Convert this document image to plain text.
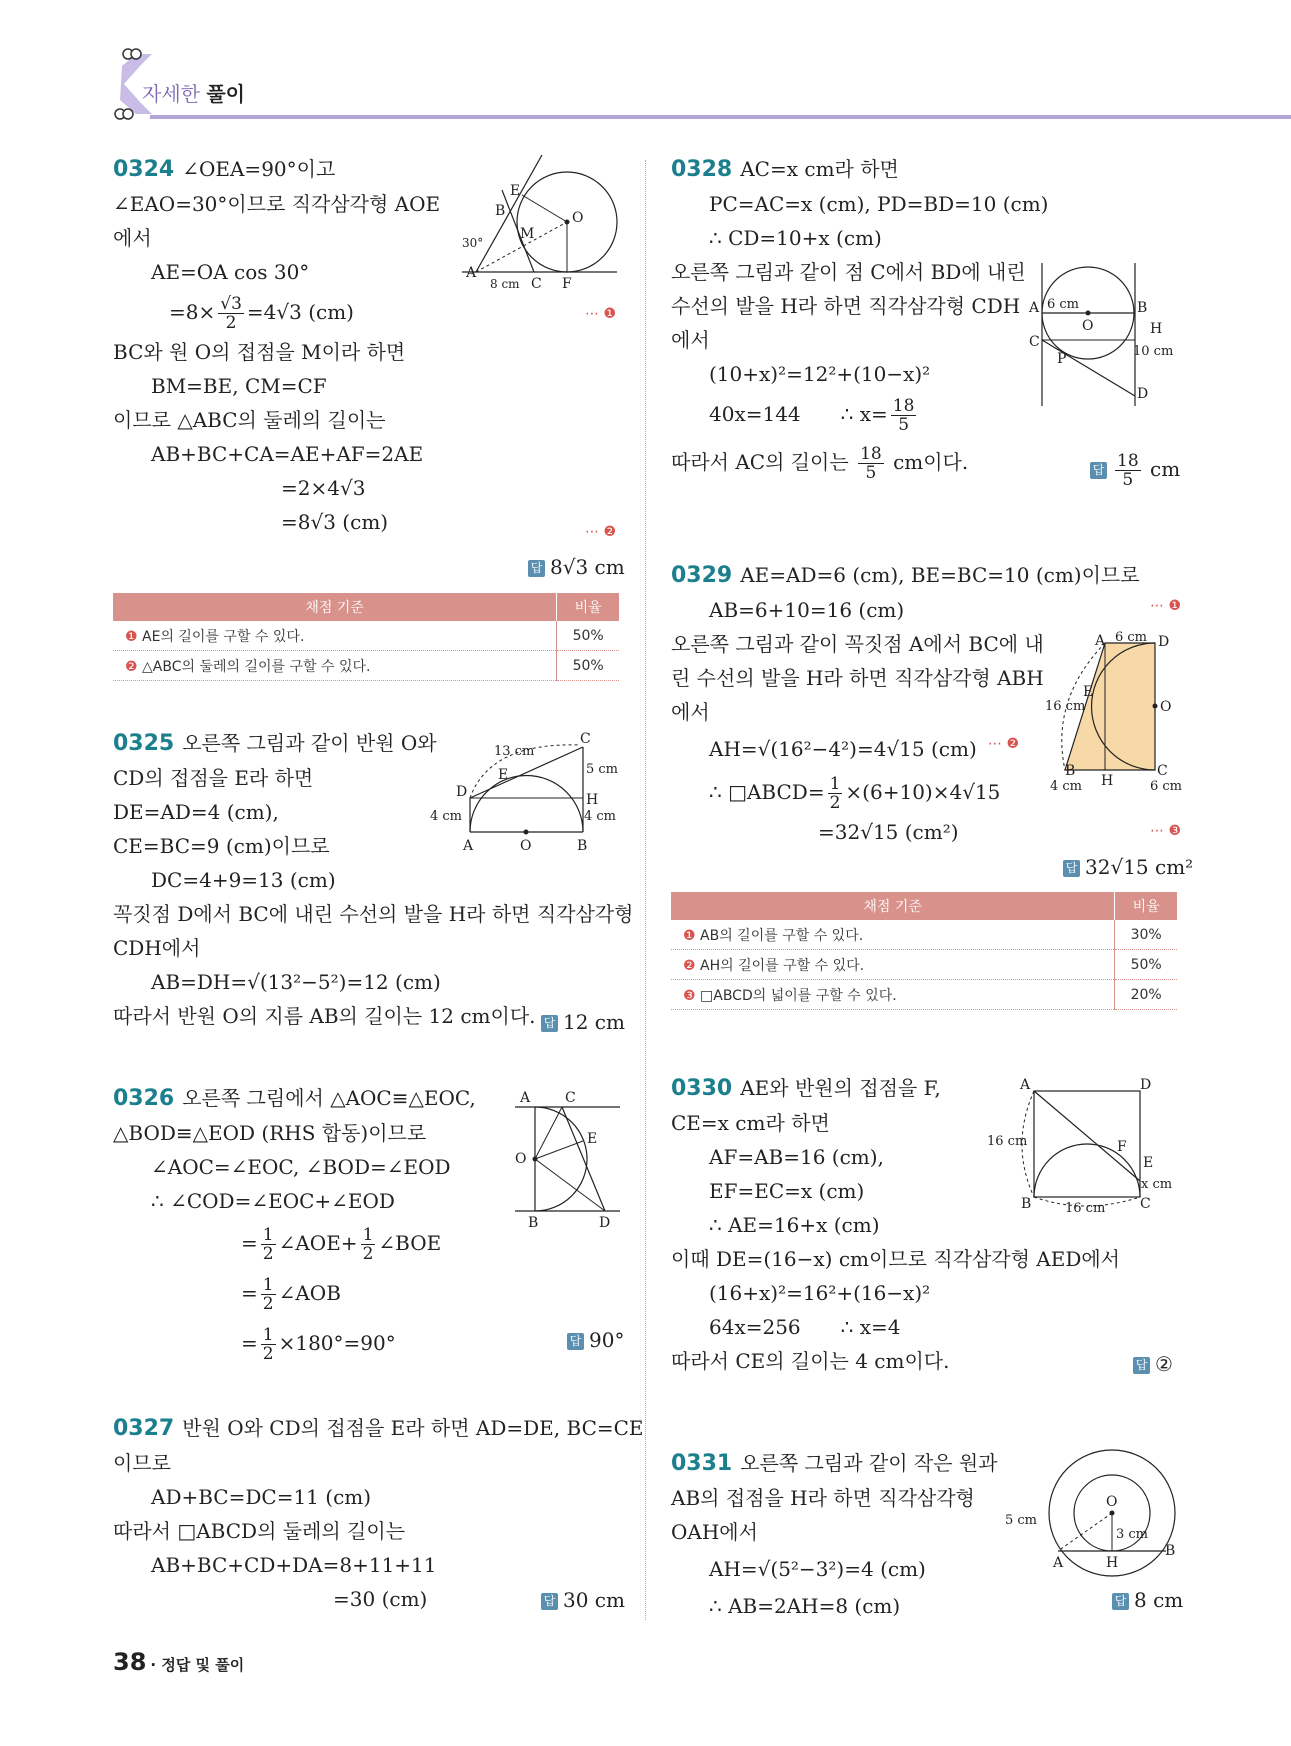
자세한 풀이
0324 ∠OEA=90°이고
∠EAO=30°이므로 직각삼각형 AOE
에서
AE=OA cos 30°
$=8\times \frac{√3}{2} =4√3$ (cm)
BC와 원 O의 접점을 M이라 하면
BM=BE, CM=CF
이므로 △ABC의 둘레의 길이는
AB+BC+CA=AE+AF=2AE
=2×4√3
=8√3 (cm)
⋯ ❶
⋯ ❷
답 8√3 cm
E
B
M
O
A
C F
30°
8 cm
채점 기준	비율
❶ AE의 길이를 구할 수 있다.	50%
❷ △ABC의 둘레의 길이를 구할 수 있다.	50%
0325 오른쪽 그림과 같이 반원 O와
CD의 접점을 E라 하면
DE=AD=4 (cm),
CE=BC=9 (cm)이므로
DC=4+9=13 (cm)
꼭짓점 D에서 BC에 내린 수선의 발을 H라 하면 직각삼각형
CDH에서
AB=DH=√(13²−5²)=12 (cm)
따라서 반원 O의 지름 AB의 길이는 12 cm이다. 답 12 cm
13 cm
C
E
D
5 cm
H
4 cm	4 cm
A	O	B
0326 오른쪽 그림에서 △AOC≡△EOC,
△BOD≡△EOD (RHS 합동)이므로
∠AOC=∠EOC, ∠BOD=∠EOD
∴ ∠COD=∠EOC+∠EOD
= $\frac{1}{2}$ ∠AOE+ $\frac{1}{2}$ ∠BOE
= $\frac{1}{2}$ ∠AOB
= $\frac{1}{2} \times 180^\circ=90^\circ$	답 90°
A C
E
O
B	D
0327 반원 O와 CD의 접점을 E라 하면 AD=DE, BC=CE
이므로
AD+BC=DC=11 (cm)
따라서 □ABCD의 둘레의 길이는
AB+BC+CD+DA=8+11+11
=30 (cm)	답 30 cm
0328 AC=x cm라 하면
PC=AC=x (cm), PD=BD=10 (cm)
∴ CD=10+x (cm)
오른쪽 그림과 같이 점 C에서 BD에 내린
수선의 발을 H라 하면 직각삼각형 CDH
에서
(10+x)²=12²+(10−x)²
40x=144 ∴ $x= \frac{18}{5}$
따라서 AC의 길이는 $\frac{18}{5}$ cm이다.	답 $\frac{18}{5}$ cm
A 6 cm	B
O
C
H
10 cm
P
D
0329 AE=AD=6 (cm), BE=BC=10 (cm)이므로
AB=6+10=16 (cm)
오른쪽 그림과 같이 꼭짓점 A에서 BC에 내
린 수선의 발을 H라 하면 직각삼각형 ABH
에서
AH=√(16²−4²)=4√15 (cm)
∴ □ABCD= $\frac{1}{2} \times(6+10)\times 4√15$
=32√15 (cm²)
⋯ ❶
⋯ ❷
⋯ ❸
답 32√15 cm²
A 6 cm D
16 cm
E
O
B
H
C
4 cm	6 cm
채점 기준	비율
❶ AB의 길이를 구할 수 있다.	30%
❷ AH의 길이를 구할 수 있다.	50%
❸ □ABCD의 넓이를 구할 수 있다.	20%
0330 AE와 반원의 접점을 F,
CE=x cm라 하면
AF=AB=16 (cm),
EF=EC=x (cm)
∴ AE=16+x (cm)
이때 DE=(16−x) cm이므로 직각삼각형 AED에서
(16+x)²=16²+(16−x)²
64x=256 ∴ x=4
따라서 CE의 길이는 4 cm이다.	답 ②
A	D
16 cm	F
E
x cm
B	16 cm C
0331 오른쪽 그림과 같이 작은 원과
AB의 접점을 H라 하면 직각삼각형
OAH에서
AH=√(5²−3²)=4 (cm)
∴ AB=2AH=8 (cm)	답 8 cm
O
5 cm
3 cm
A	H
B
38 · 정답 및 풀이
